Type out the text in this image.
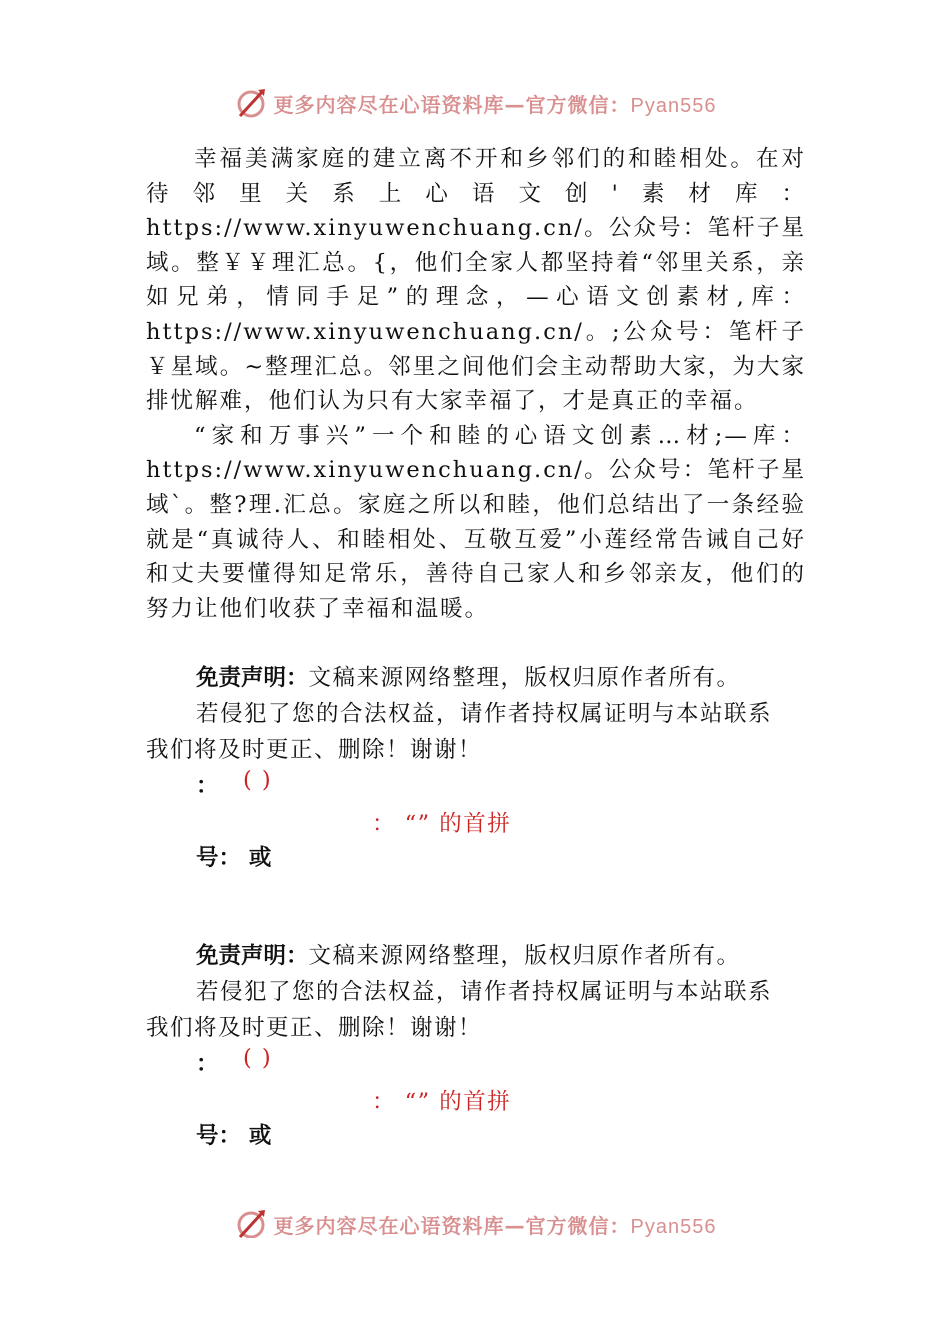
更多内容尽在心语资料库—官方微信：Pyan556

幸福美满家庭的建立离不开和乡邻们的和睦相处。在对待邻里关系上心语文创'素材库：https://www.xinyuwenchuang.cn/。公众号：笔杆子星域。整￥￥理汇总。{，他们全家人都坚持着“邻里关系，亲如兄弟，情同手足”的理念，—心语文创素材,库：https://www.xinyuwenchuang.cn/。;公众号：笔杆子￥星域。~整理汇总。邻里之间他们会主动帮助大家，为大家排忧解难，他们认为只有大家幸福了，才是真正的幸福。

“家和万事兴”一个和睦的心语文创素…材;—库：https://www.xinyuwenchuang.cn/。公众号：笔杆子星域`。整?理.汇总。家庭之所以和睦，他们总结出了一条经验就是“真诚待人、和睦相处、互敬互爱”小莲经常告诫自己好和丈夫要懂得知足常乐，善待自己家人和乡邻亲友，他们的努力让他们收获了幸福和温暖。

免责声明：文稿来源网络整理，版权归原作者所有。
若侵犯了您的合法权益，请作者持权属证明与本站联系
我们将及时更正、删除！谢谢！
： ( )
： “” 的首拼
号： 或
免责声明：文稿来源网络整理，版权归原作者所有。
若侵犯了您的合法权益，请作者持权属证明与本站联系
我们将及时更正、删除！谢谢！
： ( )
： “” 的首拼
号： 或
更多内容尽在心语资料库—官方微信：Pyan556
